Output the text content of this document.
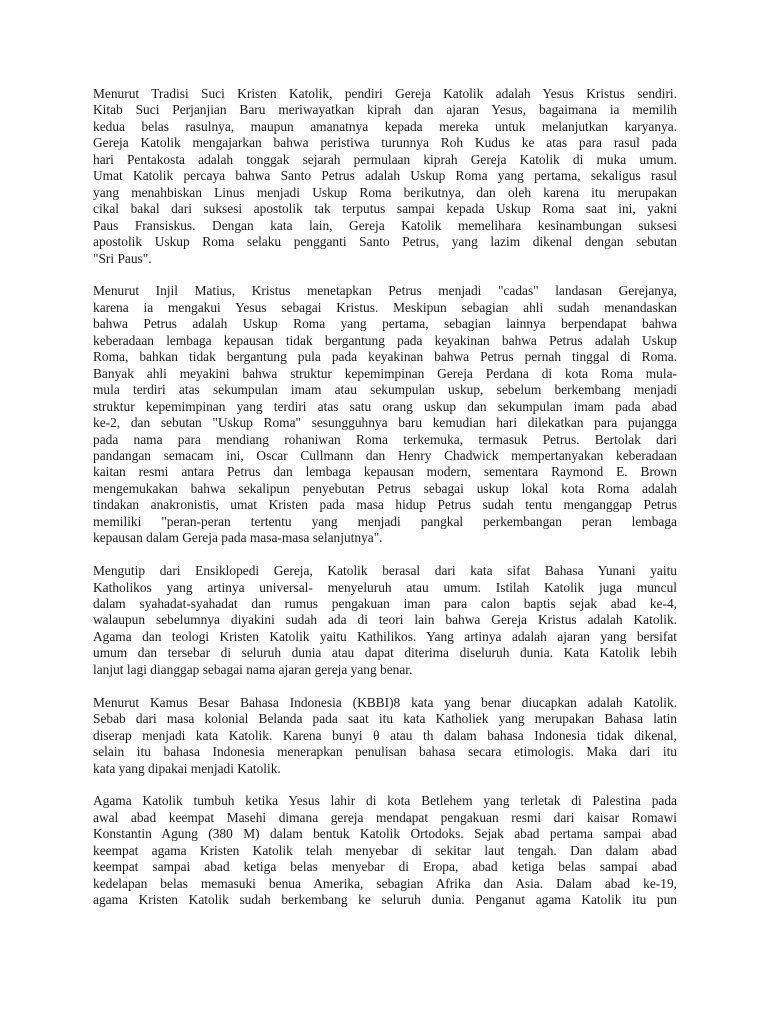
Menurut Tradisi Suci Kristen Katolik, pendiri Gereja Katolik adalah Yesus Kristus sendiri.
Kitab Suci Perjanjian Baru meriwayatkan kiprah dan ajaran Yesus, bagaimana ia memilih
kedua belas rasulnya, maupun amanatnya kepada mereka untuk melanjutkan karyanya.
Gereja Katolik mengajarkan bahwa peristiwa turunnya Roh Kudus ke atas para rasul pada
hari Pentakosta adalah tonggak sejarah permulaan kiprah Gereja Katolik di muka umum.
Umat Katolik percaya bahwa Santo Petrus adalah Uskup Roma yang pertama, sekaligus rasul
yang menahbiskan Linus menjadi Uskup Roma berikutnya, dan oleh karena itu merupakan
cikal bakal dari suksesi apostolik tak terputus sampai kepada Uskup Roma saat ini, yakni
Paus Fransiskus. Dengan kata lain, Gereja Katolik memelihara kesinambungan suksesi
apostolik Uskup Roma selaku pengganti Santo Petrus, yang lazim dikenal dengan sebutan
"Sri Paus".
Menurut Injil Matius, Kristus menetapkan Petrus menjadi "cadas" landasan Gerejanya,
karena ia mengakui Yesus sebagai Kristus. Meskipun sebagian ahli sudah menandaskan
bahwa Petrus adalah Uskup Roma yang pertama, sebagian lainnya berpendapat bahwa
keberadaan lembaga kepausan tidak bergantung pada keyakinan bahwa Petrus adalah Uskup
Roma, bahkan tidak bergantung pula pada keyakinan bahwa Petrus pernah tinggal di Roma.
Banyak ahli meyakini bahwa struktur kepemimpinan Gereja Perdana di kota Roma mula-
mula terdiri atas sekumpulan imam atau sekumpulan uskup, sebelum berkembang menjadi
struktur kepemimpinan yang terdiri atas satu orang uskup dan sekumpulan imam pada abad
ke-2, dan sebutan "Uskup Roma" sesungguhnya baru kemudian hari dilekatkan para pujangga
pada nama para mendiang rohaniwan Roma terkemuka, termasuk Petrus. Bertolak dari
pandangan semacam ini, Oscar Cullmann dan Henry Chadwick mempertanyakan keberadaan
kaitan resmi antara Petrus dan lembaga kepausan modern, sementara Raymond E. Brown
mengemukakan bahwa sekalipun penyebutan Petrus sebagai uskup lokal kota Roma adalah
tindakan anakronistis, umat Kristen pada masa hidup Petrus sudah tentu menganggap Petrus
memiliki "peran-peran tertentu yang menjadi pangkal perkembangan peran lembaga
kepausan dalam Gereja pada masa-masa selanjutnya".
Mengutip dari Ensiklopedi Gereja, Katolik berasal dari kata sifat Bahasa Yunani yaitu
Katholikos yang artinya universal- menyeluruh atau umum. Istilah Katolik juga muncul
dalam syahadat-syahadat dan rumus pengakuan iman para calon baptis sejak abad ke-4,
walaupun sebelumnya diyakini sudah ada di teori lain bahwa Gereja Kristus adalah Katolik.
Agama dan teologi Kristen Katolik yaitu Kathilikos. Yang artinya adalah ajaran yang bersifat
umum dan tersebar di seluruh dunia atau dapat diterima diseluruh dunia. Kata Katolik lebih
lanjut lagi dianggap sebagai nama ajaran gereja yang benar.
Menurut Kamus Besar Bahasa Indonesia (KBBI)8 kata yang benar diucapkan adalah Katolik.
Sebab dari masa kolonial Belanda pada saat itu kata Katholiek yang merupakan Bahasa latin
diserap menjadi kata Katolik. Karena bunyi θ atau th dalam bahasa Indonesia tidak dikenal,
selain itu bahasa Indonesia menerapkan penulisan bahasa secara etimologis. Maka dari itu
kata yang dipakai menjadi Katolik.
Agama Katolik tumbuh ketika Yesus lahir di kota Betlehem yang terletak di Palestina pada
awal abad keempat Masehi dimana gereja mendapat pengakuan resmi dari kaisar Romawi
Konstantin Agung (380 M) dalam bentuk Katolik Ortodoks. Sejak abad pertama sampai abad
keempat agama Kristen Katolik telah menyebar di sekitar laut tengah. Dan dalam abad
keempat sampai abad ketiga belas menyebar di Eropa, abad ketiga belas sampai abad
kedelapan belas memasuki benua Amerika, sebagian Afrika dan Asia. Dalam abad ke-19,
agama Kristen Katolik sudah berkembang ke seluruh dunia. Penganut agama Katolik itu pun
